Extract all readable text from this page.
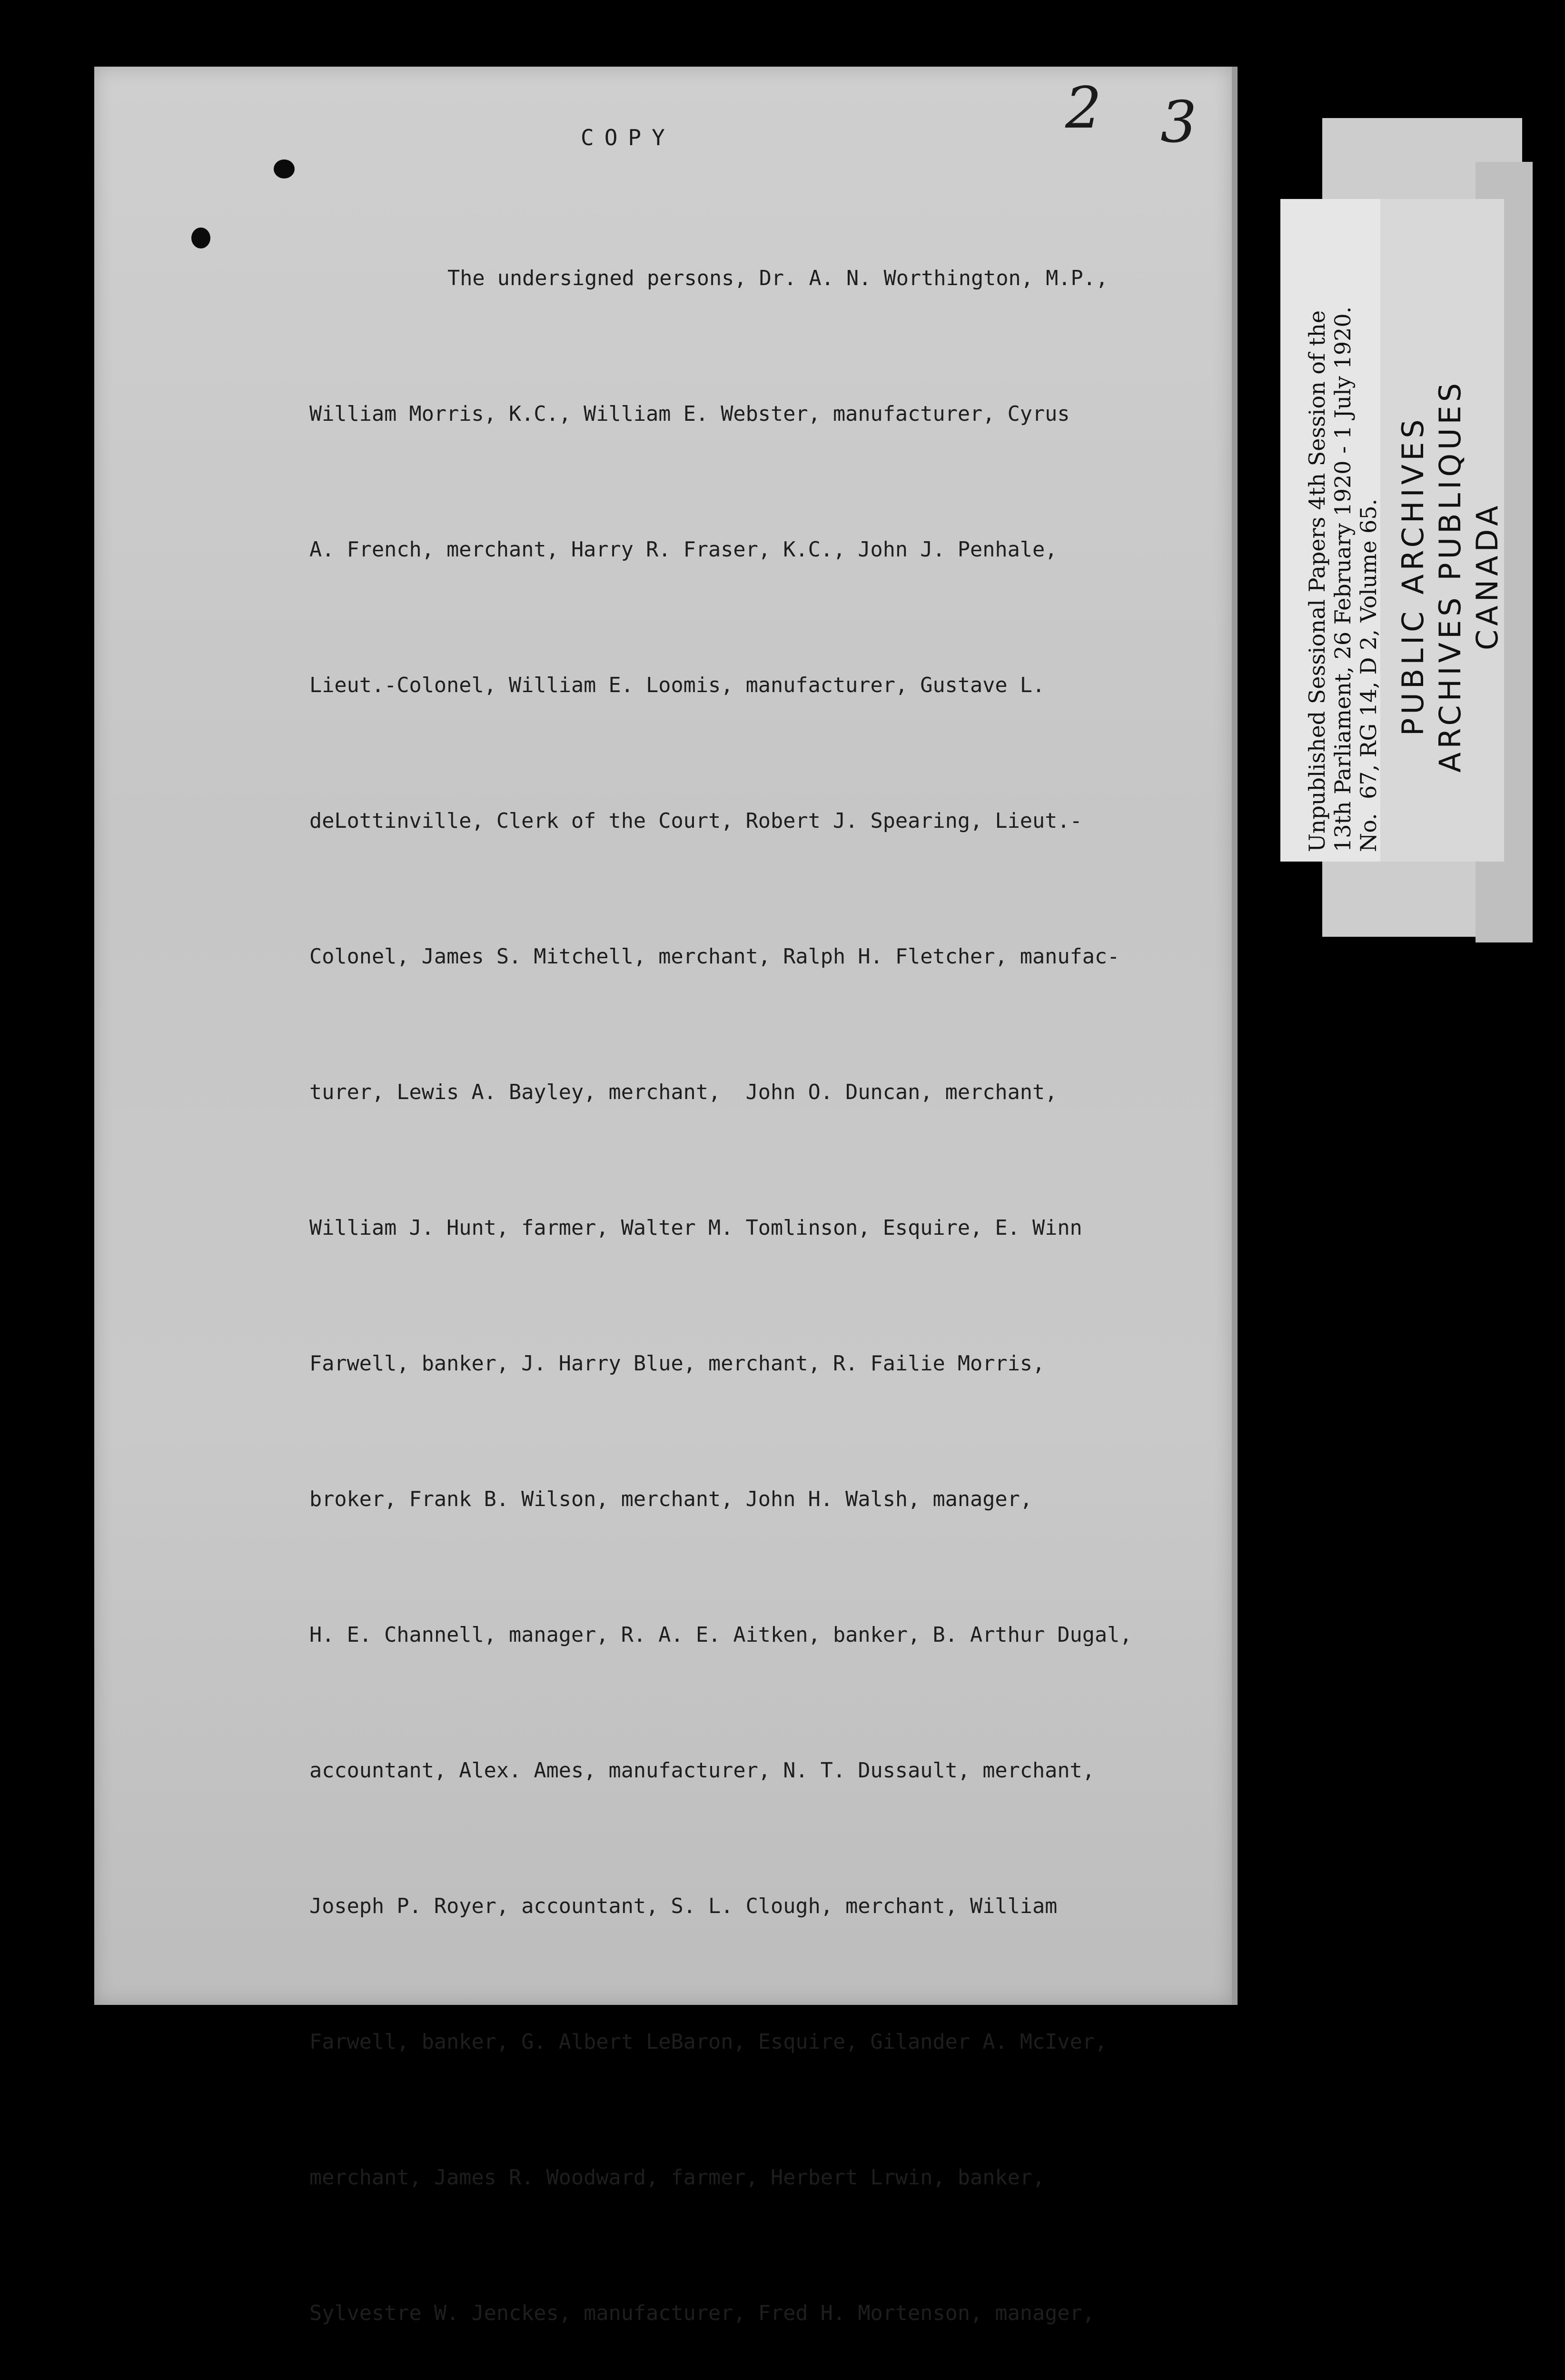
2 3
COPY

The undersigned persons, Dr. A. N. Worthington, M.P.,

William Morris, K.C., William E. Webster, manufacturer, Cyrus

A. French, merchant, Harry R. Fraser, K.C., John J. Penhale,

Lieut.-Colonel, William E. Loomis, manufacturer, Gustave L.

deLottinville, Clerk of the Court, Robert J. Spearing, Lieut.-

Colonel, James S. Mitchell, merchant, Ralph H. Fletcher, manufac-

turer, Lewis A. Bayley, merchant,  John O. Duncan, merchant,

William J. Hunt, farmer, Walter M. Tomlinson, Esquire, E. Winn

Farwell, banker, J. Harry Blue, merchant, R. Failie Morris,

broker, Frank B. Wilson, merchant, John H. Walsh, manager,

H. E. Channell, manager, R. A. E. Aitken, banker, B. Arthur Dugal,

accountant, Alex. Ames, manufacturer, N. T. Dussault, merchant,

Joseph P. Royer, accountant, S. L. Clough, merchant, William

Farwell, banker, G. Albert LeBaron, Esquire, Gilander A. McIver,

merchant, James R. Woodward, farmer, Herbert Lrwin, banker,

Sylvestre W. Jenckes, manufacturer, Fred H. Mortenson, manager,

Unpublished Sessional Papers 4th Session of the
13th Parliament, 26 February 1920 - 1 July 1920.
No.  67, RG 14, D 2, Volume 65. PUBLIC ARCHIVES
ARCHIVES PUBLIQUES
CANADA
